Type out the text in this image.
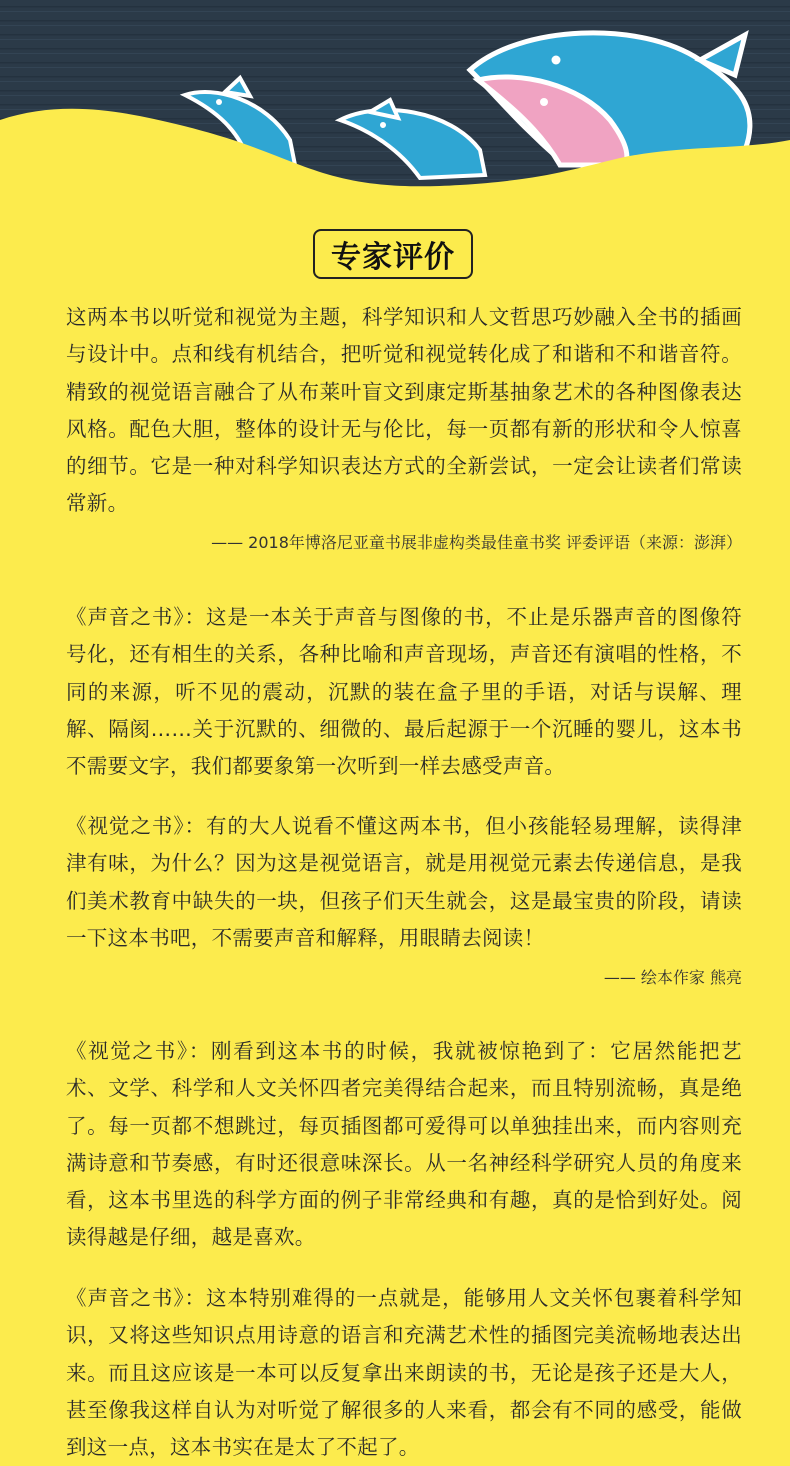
专家评价

这两本书以听觉和视觉为主题，科学知识和人文哲思巧妙融入全书的插画与设计中。点和线有机结合，把听觉和视觉转化成了和谐和不和谐音符。精致的视觉语言融合了从布莱叶盲文到康定斯基抽象艺术的各种图像表达风格。配色大胆，整体的设计无与伦比，每一页都有新的形状和令人惊喜的细节。它是一种对科学知识表达方式的全新尝试，一定会让读者们常读常新。

—— 2018年博洛尼亚童书展非虚构类最佳童书奖 评委评语（来源：澎湃）

《声音之书》：这是一本关于声音与图像的书，不止是乐器声音的图像符号化，还有相生的关系，各种比喻和声音现场，声音还有演唱的性格，不同的来源，听不见的震动，沉默的装在盒子里的手语，对话与误解、理解、隔阂……关于沉默的、细微的、最后起源于一个沉睡的婴儿，这本书不需要文字，我们都要象第一次听到一样去感受声音。

《视觉之书》：有的大人说看不懂这两本书，但小孩能轻易理解，读得津津有味，为什么？因为这是视觉语言，就是用视觉元素去传递信息，是我们美术教育中缺失的一块，但孩子们天生就会，这是最宝贵的阶段，请读一下这本书吧，不需要声音和解释，用眼睛去阅读！

—— 绘本作家 熊亮

《视觉之书》：刚看到这本书的时候，我就被惊艳到了：它居然能把艺术、文学、科学和人文关怀四者完美得结合起来，而且特别流畅，真是绝了。每一页都不想跳过，每页插图都可爱得可以单独挂出来，而内容则充满诗意和节奏感，有时还很意味深长。从一名神经科学研究人员的角度来看，这本书里选的科学方面的例子非常经典和有趣，真的是恰到好处。阅读得越是仔细，越是喜欢。

《声音之书》：这本特别难得的一点就是，能够用人文关怀包裹着科学知识，又将这些知识点用诗意的语言和充满艺术性的插图完美流畅地表达出来。而且这应该是一本可以反复拿出来朗读的书，无论是孩子还是大人，甚至像我这样自认为对听觉了解很多的人来看，都会有不同的感受，能做到这一点，这本书实在是太了不起了。
